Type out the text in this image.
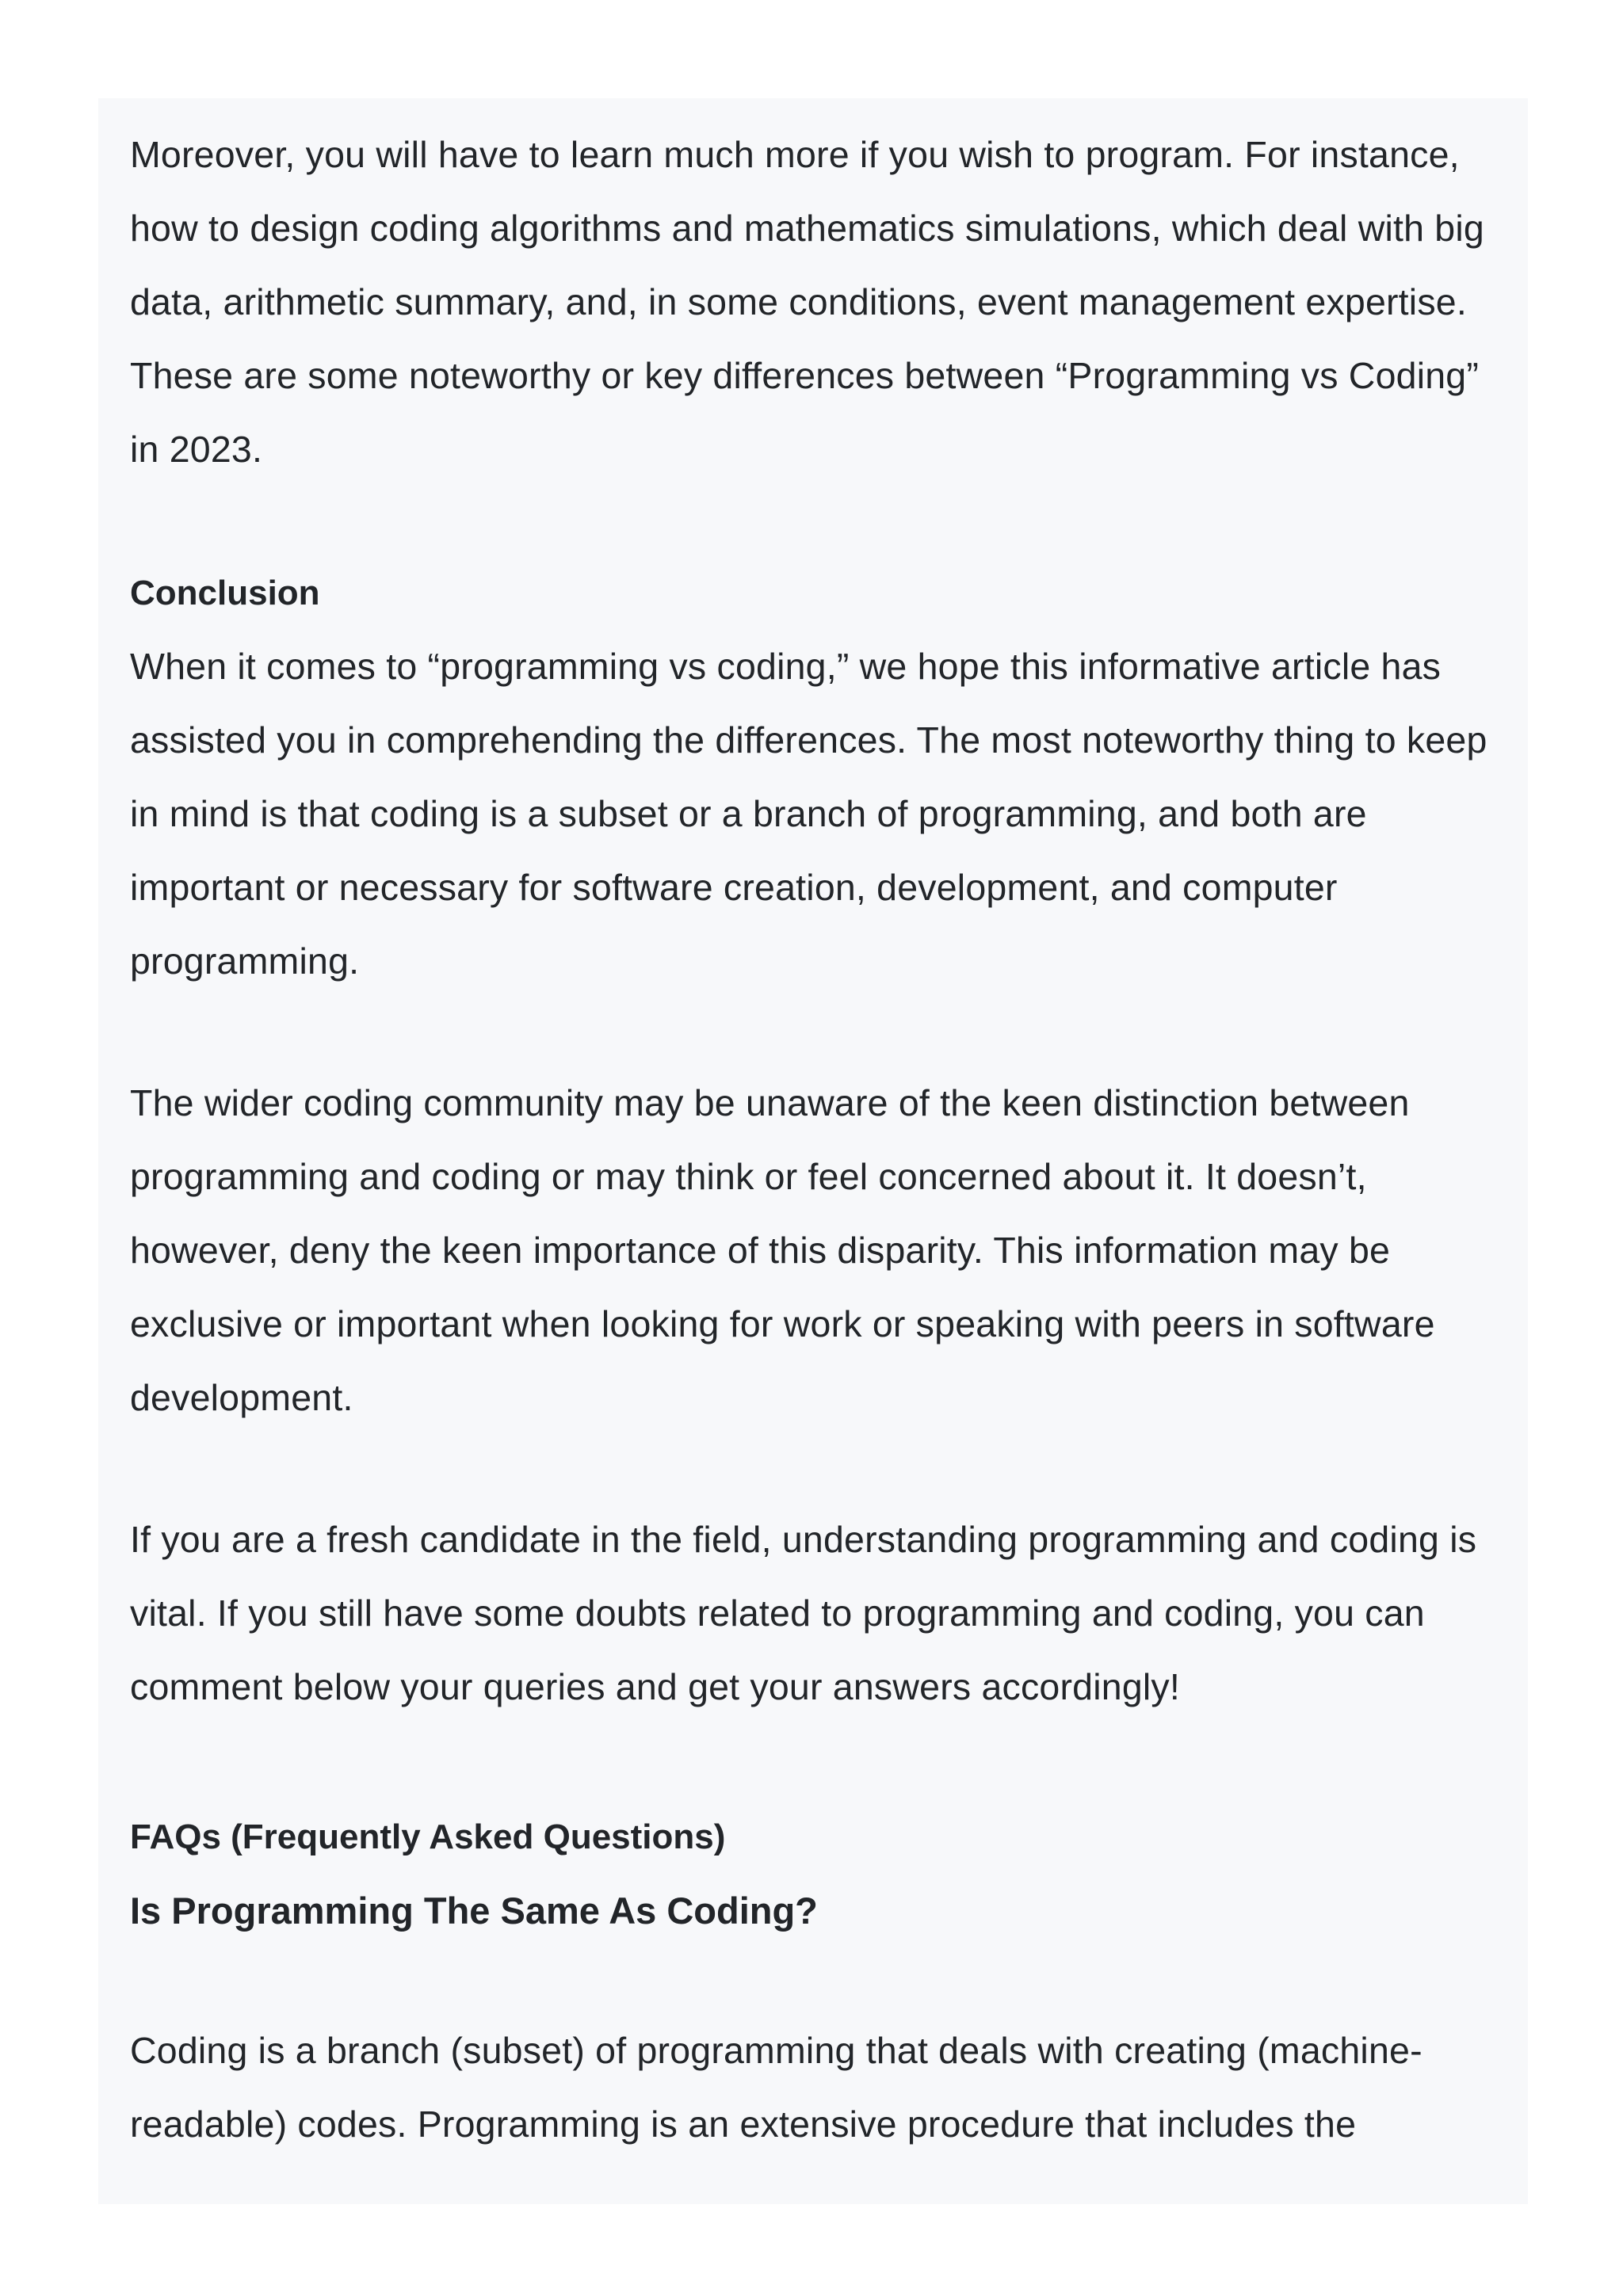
Moreover, you will have to learn much more if you wish to program. For instance, how to design coding algorithms and mathematics simulations, which deal with big data, arithmetic summary, and, in some conditions, event management expertise. These are some noteworthy or key differences between “Programming vs Coding” in 2023.

Conclusion

When it comes to “programming vs coding,” we hope this informative article has assisted you in comprehending the differences. The most noteworthy thing to keep in mind is that coding is a subset or a branch of programming, and both are important or necessary for software creation, development, and computer programming.

The wider coding community may be unaware of the keen distinction between programming and coding or may think or feel concerned about it. It doesn’t, however, deny the keen importance of this disparity. This information may be exclusive or important when looking for work or speaking with peers in software development.

If you are a fresh candidate in the field, understanding programming and coding is vital. If you still have some doubts related to programming and coding, you can comment below your queries and get your answers accordingly!

FAQs (Frequently Asked Questions)
Is Programming The Same As Coding?

Coding is a branch (subset) of programming that deals with creating (machine-readable) codes. Programming is an extensive procedure that includes the
